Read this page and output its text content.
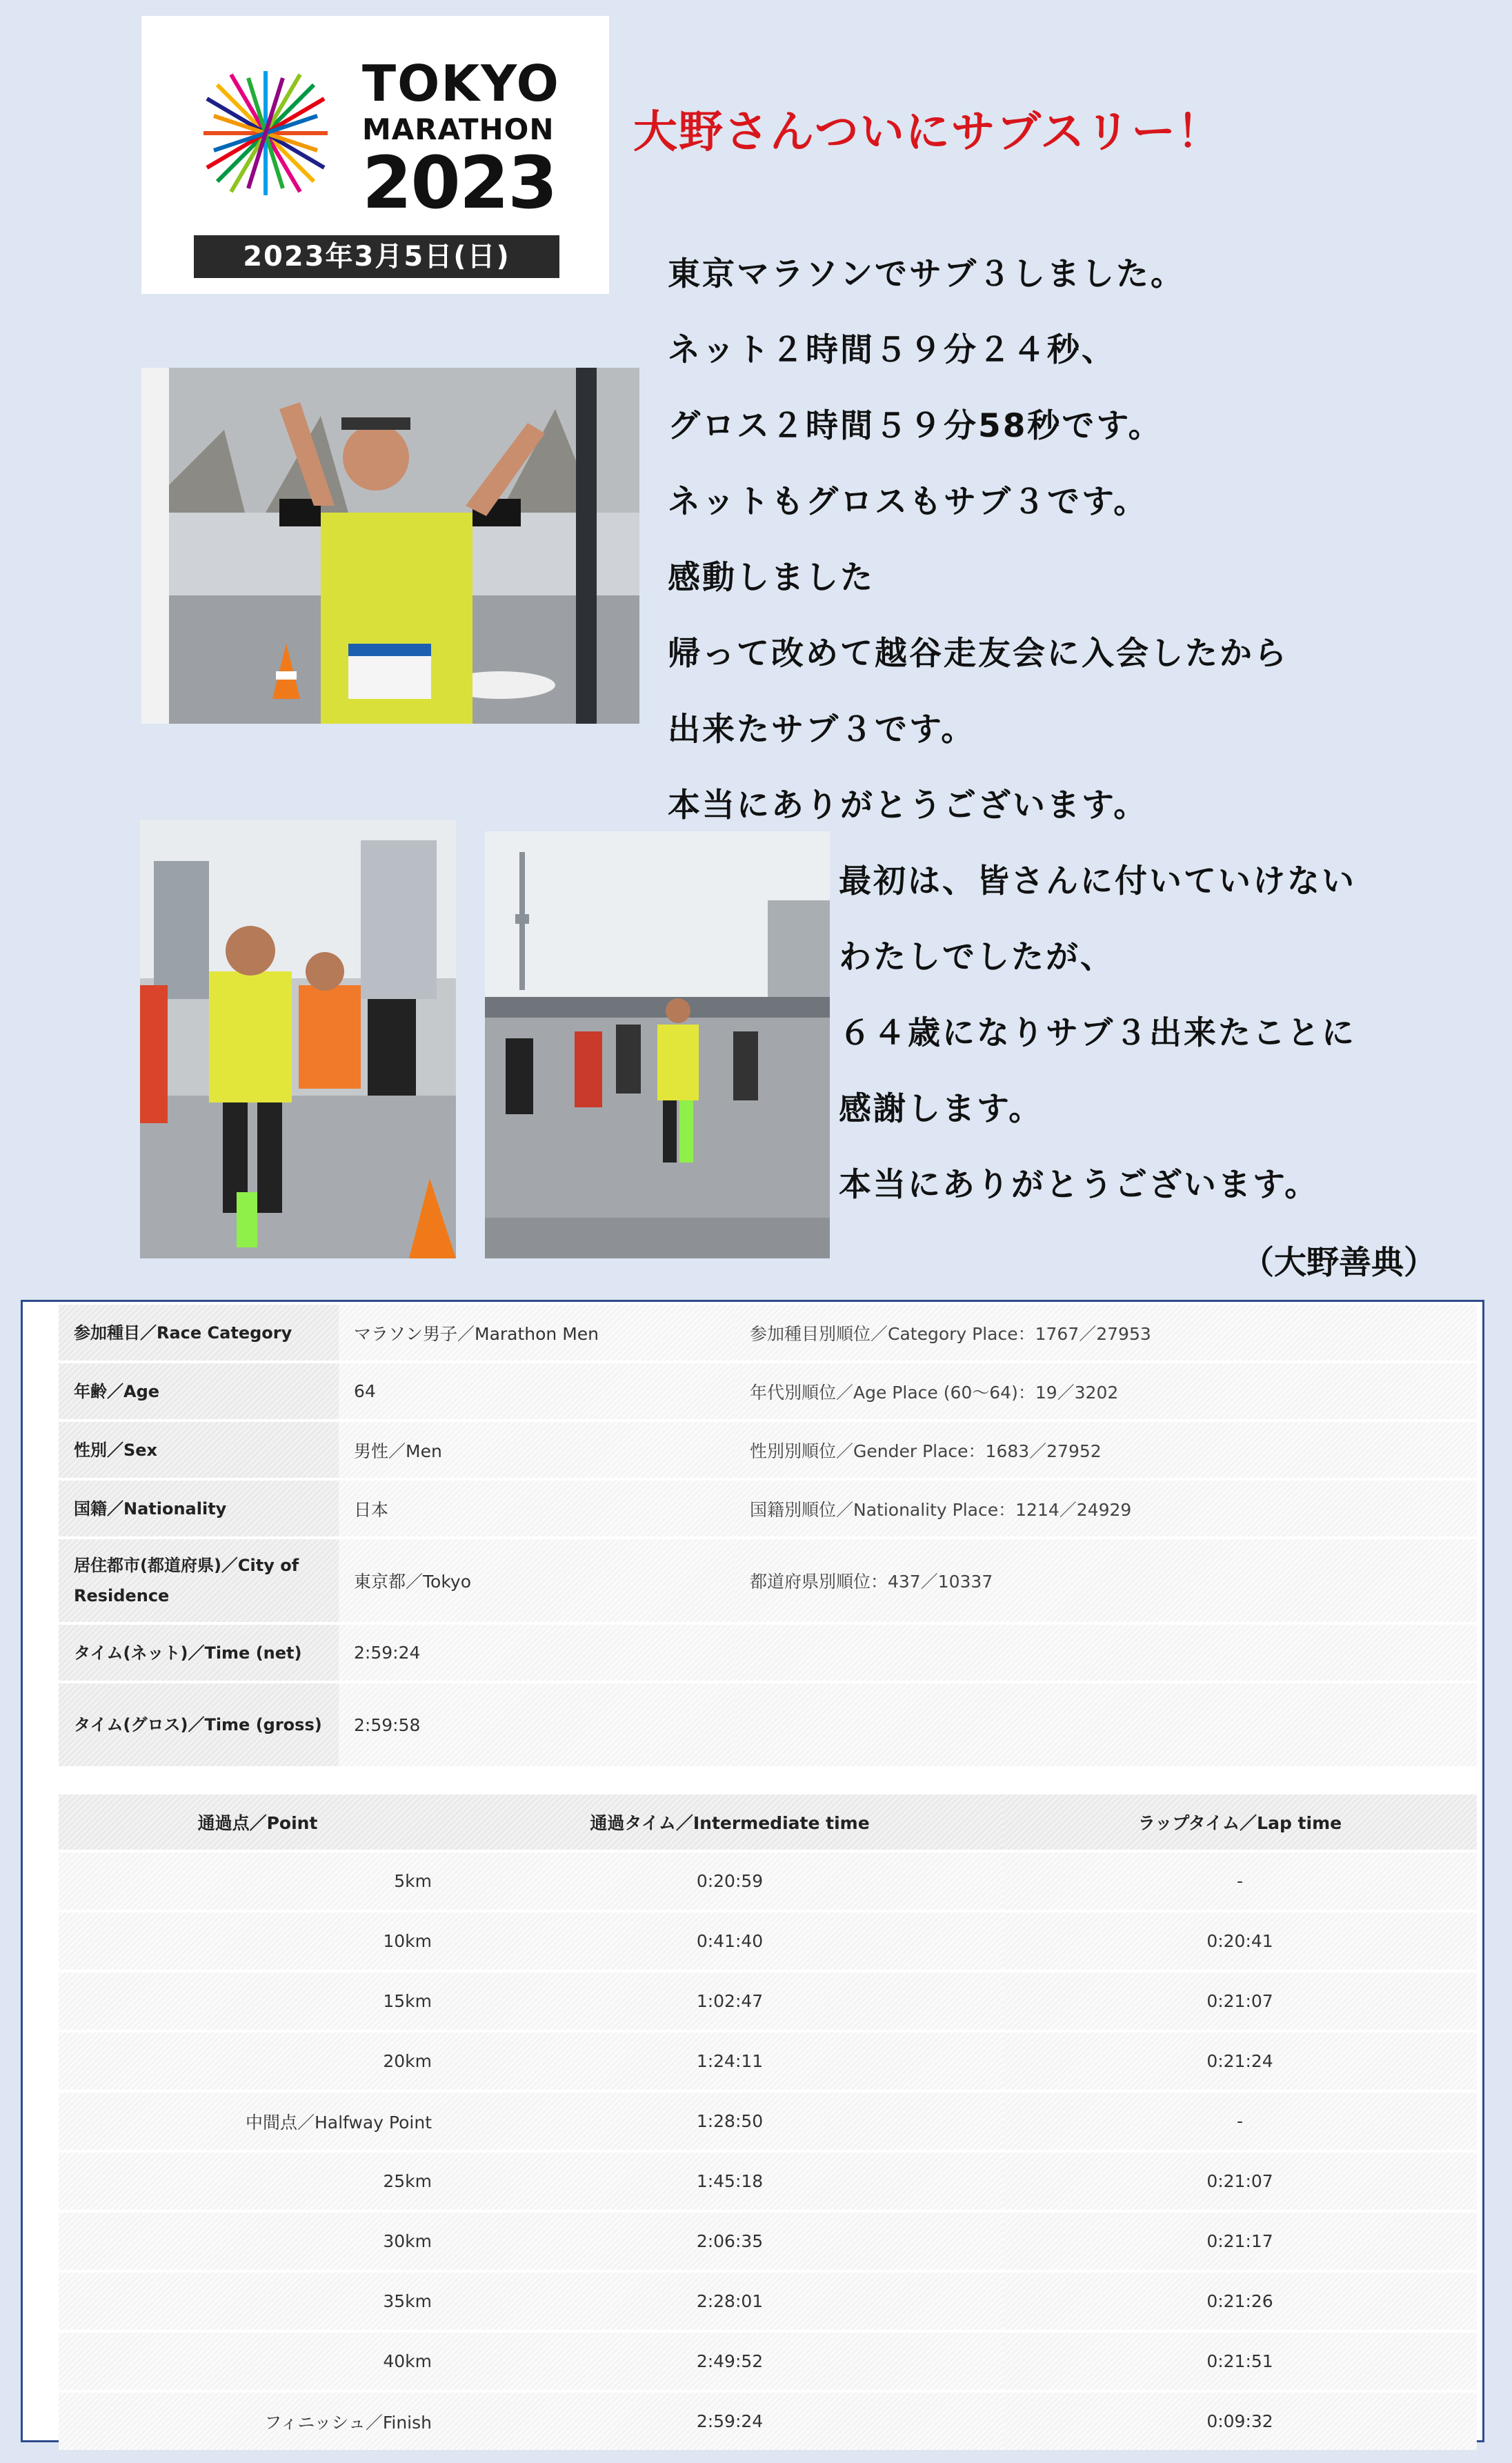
TOKYO
MARATHON
2023
2023年3月5日(日)
大野さんついにサブスリー！
東京マラソンでサブ３しました。
ネット２時間５９分２４秒、
グロス２時間５９分58秒です。
ネットもグロスもサブ３です。
感動しました
帰って改めて越谷走友会に入会したから
出来たサブ３です。
本当にありがとうございます。
最初は、皆さんに付いていけない
わたしでしたが、
６４歳になりサブ３出来たことに
感謝します。
本当にありがとうございます。
（大野善典）
参加種目／Race Category	マラソン男子／Marathon Men	参加種目別順位／Category Place：1767／27953
年齢／Age	64	年代別順位／Age Place (60～64)：19／3202
性別／Sex	男性／Men	性別別順位／Gender Place：1683／27952
国籍／Nationality	日本	国籍別順位／Nationality Place：1214／24929
居住都市(都道府県)／City of Residence	東京都／Tokyo	都道府県別順位：437／10337
タイム(ネット)／Time (net)	2:59:24	
タイム(グロス)／Time (gross)	2:59:58	
通過点／Point	通過タイム／Intermediate time	ラップタイム／Lap time
5km	0:20:59	-
10km	0:41:40	0:20:41
15km	1:02:47	0:21:07
20km	1:24:11	0:21:24
中間点／Halfway Point	1:28:50	-
25km	1:45:18	0:21:07
30km	2:06:35	0:21:17
35km	2:28:01	0:21:26
40km	2:49:52	0:21:51
フィニッシュ／Finish	2:59:24	0:09:32
